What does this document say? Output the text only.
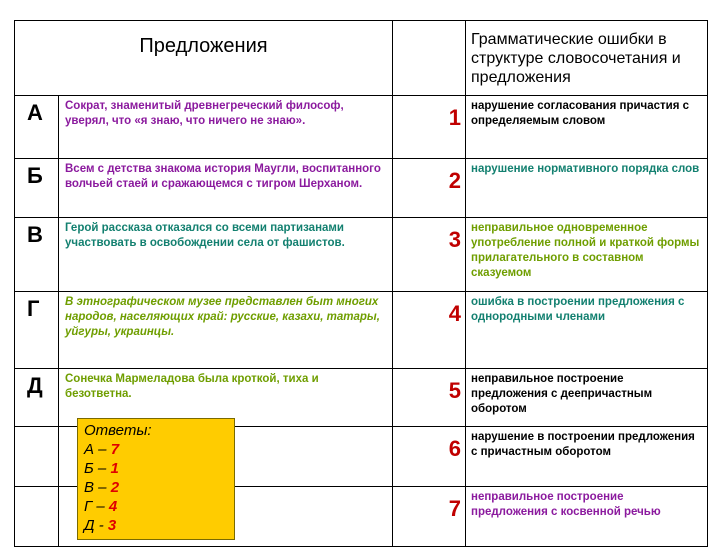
Предложения			Грамматические ошибки в структуре словосочетания и предложения
А	Сократ, знаменитый древнегреческий философ, уверял, что «я знаю, что ничего не знаю».	1	нарушение согласования причастия с определяемым словом
Б	Всем с детства знакома история Маугли, воспитанного волчьей стаей и сражающемся с тигром Шерханом.	2	нарушение нормативного порядка слов
В	Герой рассказа отказался со всеми партизанами участвовать в освобождении села от фашистов.	3	неправильное одновременное употребление полной и краткой формы прилагательного в составном сказуемом
Г	В этнографическом музее представлен быт многих народов, населяющих край: русские, казахи, татары, уйгуры, украинцы.	4	ошибка в построении предложения с однородными членами
Д	Сонечка Мармеладова была кроткой, тиха и безответна.	5	неправильное построение предложения с деепричастным оборотом
		6	нарушение в построении предложения с причастным оборотом
		7	неправильное построение предложения с косвенной речью
Ответы:
А – 7
Б – 1
В – 2
Г – 4
Д - 3
